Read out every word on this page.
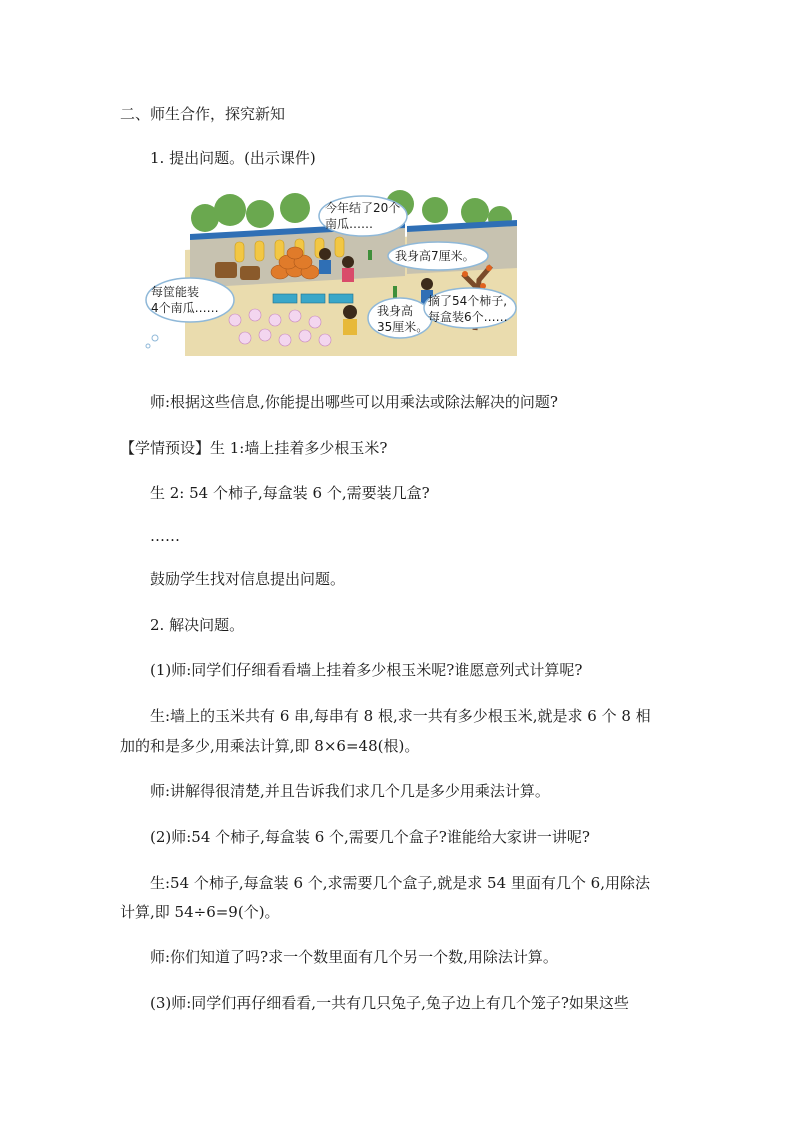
二、师生合作，探究新知
1. 提出问题。(出示课件)
今年结了20个
南瓜……
每筐能装
4个南瓜……
我身高7厘米。
我身高
35厘米。
摘了54个柿子,
每盒装6个……
师:根据这些信息,你能提出哪些可以用乘法或除法解决的问题?
【学情预设】生 1:墙上挂着多少根玉米?
生 2: 54 个柿子,每盒装 6 个,需要装几盒?
……
鼓励学生找对信息提出问题。
2. 解决问题。
(1)师:同学们仔细看看墙上挂着多少根玉米呢?谁愿意列式计算呢?
生:墙上的玉米共有 6 串,每串有 8 根,求一共有多少根玉米,就是求 6 个 8 相
加的和是多少,用乘法计算,即 8×6=48(根)。
师:讲解得很清楚,并且告诉我们求几个几是多少用乘法计算。
(2)师:54 个柿子,每盒装 6 个,需要几个盒子?谁能给大家讲一讲呢?
生:54 个柿子,每盒装 6 个,求需要几个盒子,就是求 54 里面有几个 6,用除法
计算,即 54÷6=9(个)。
师:你们知道了吗?求一个数里面有几个另一个数,用除法计算。
(3)师:同学们再仔细看看,一共有几只兔子,兔子边上有几个笼子?如果这些
